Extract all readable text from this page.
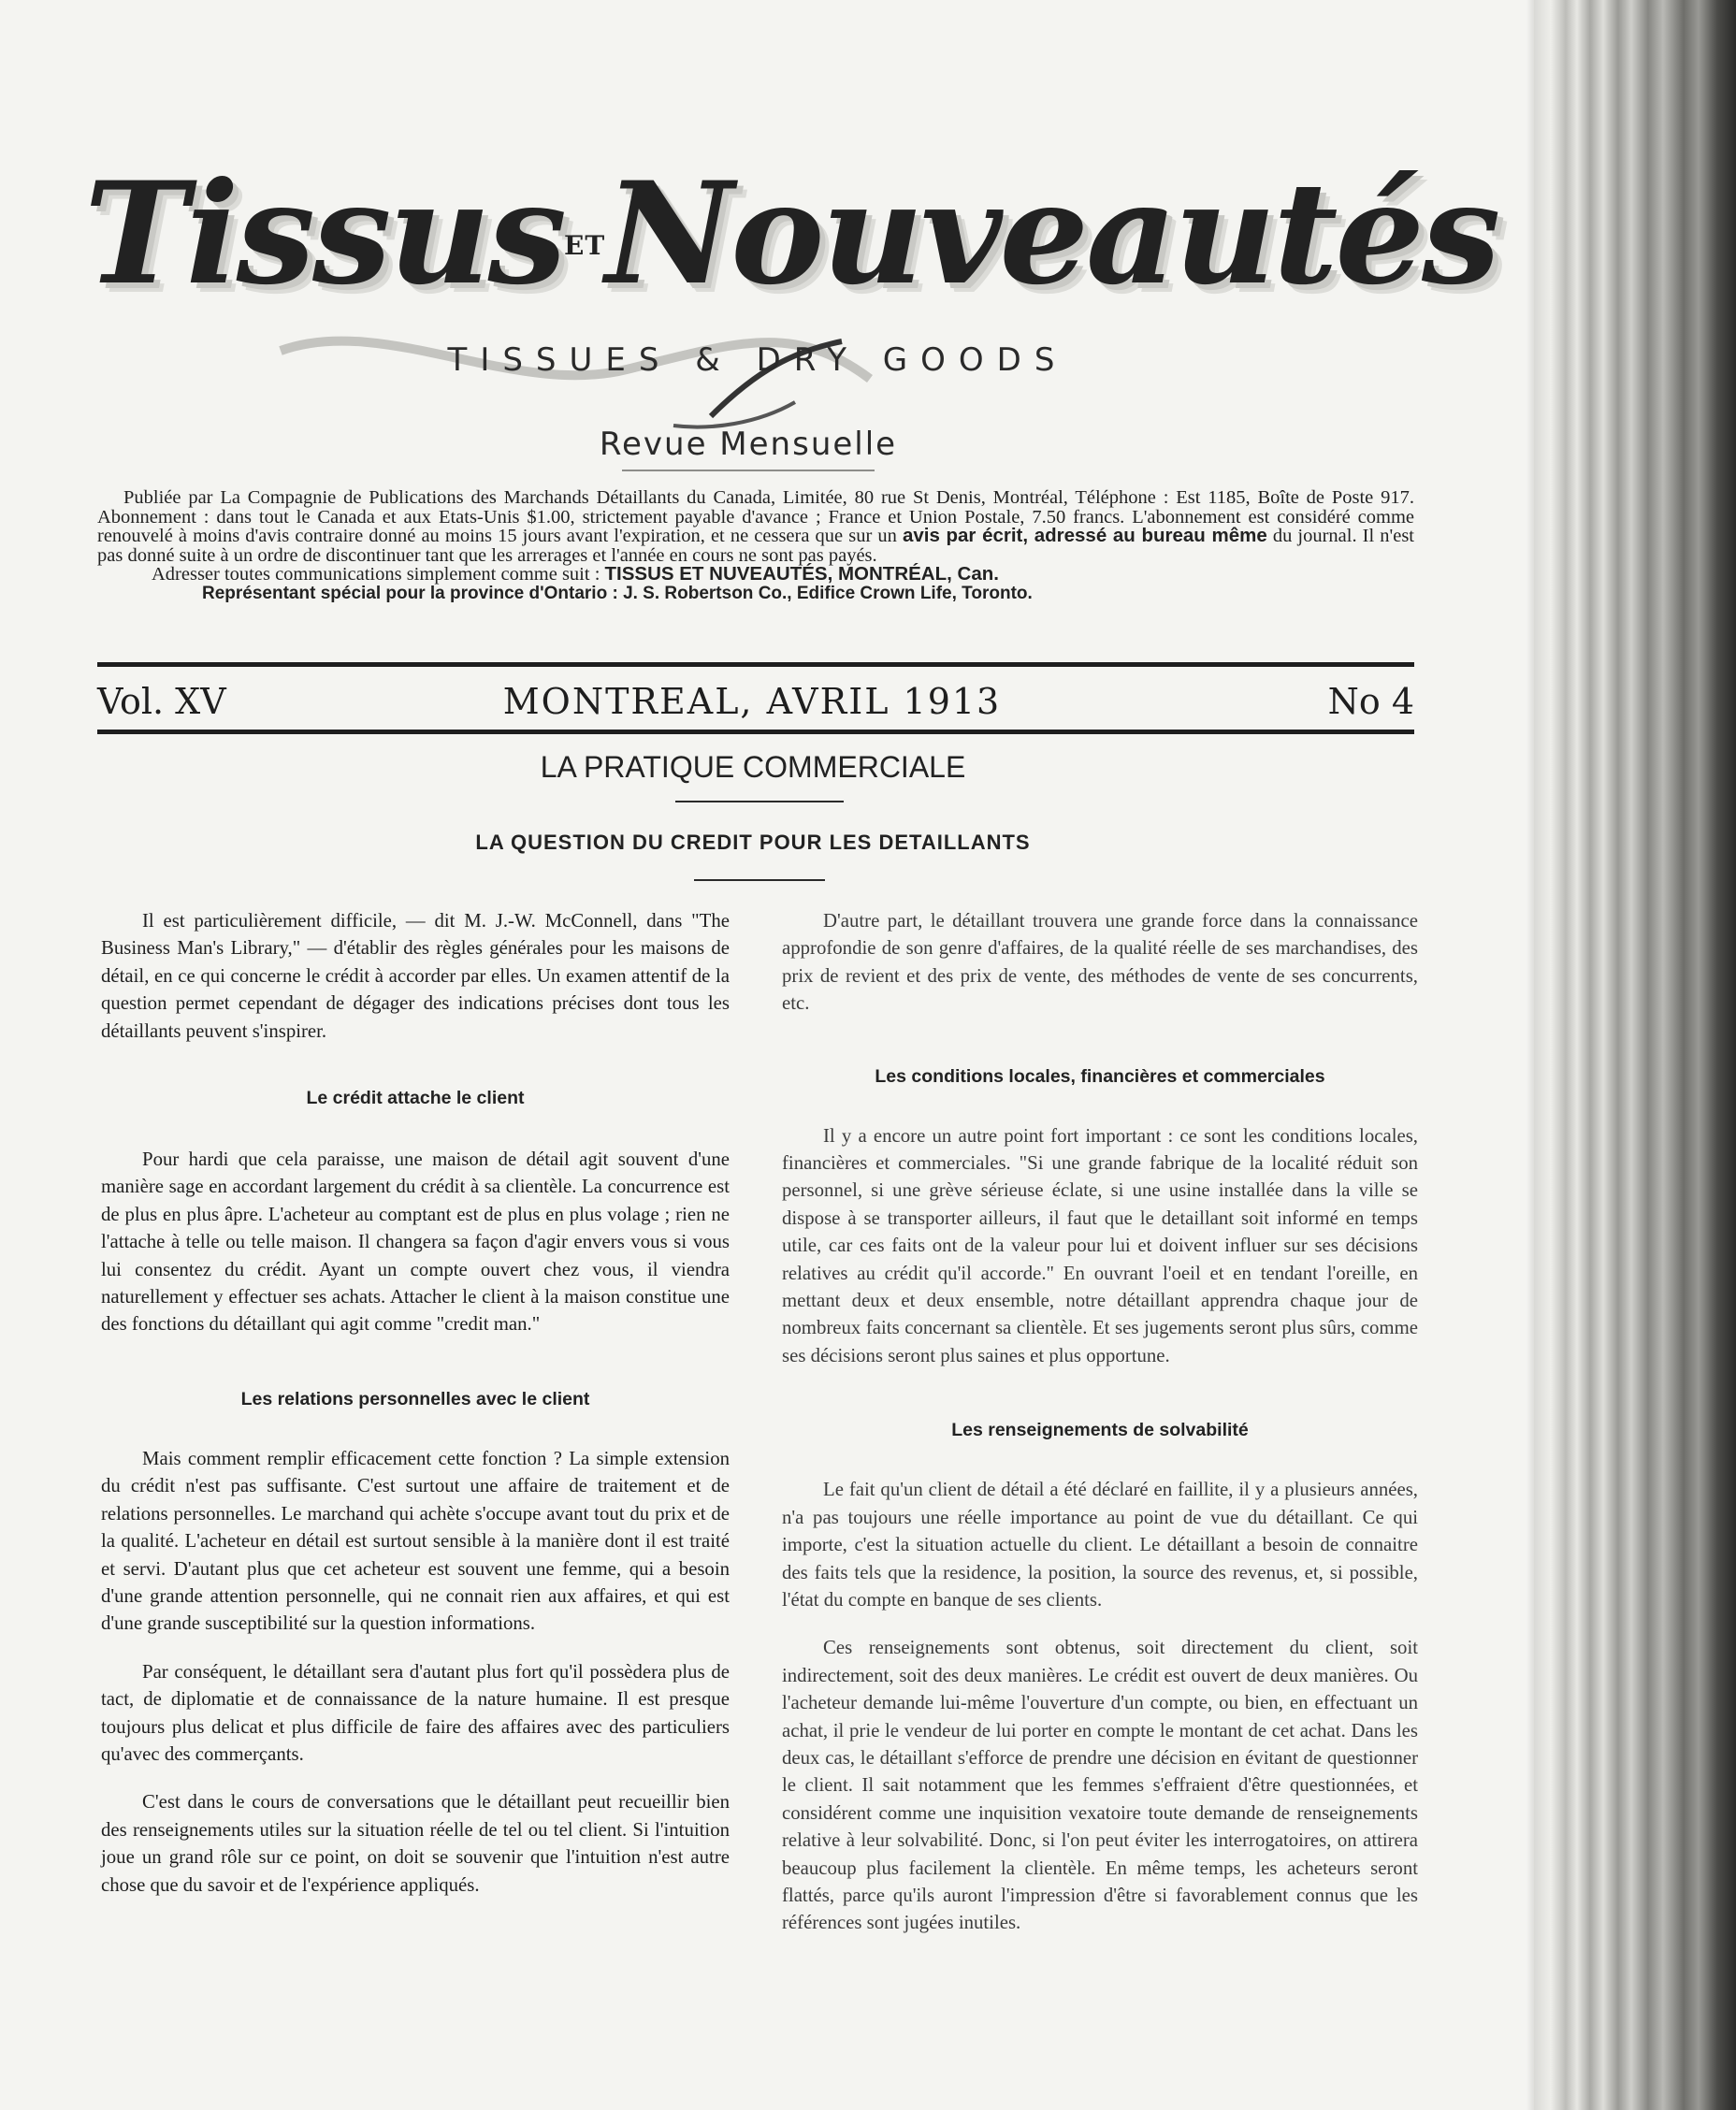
TissusETNouveautés
TISSUES & DRY GOODS
Revue Mensuelle

Publiée par La Compagnie de Publications des Marchands Détaillants du Canada, Limitée, 80 rue St Denis, Montréal, Téléphone : Est 1185, Boîte de Poste 917. Abonnement : dans tout le Canada et aux Etats-Unis $1.00, strictement payable d'avance ; France et Union Postale, 7.50 francs. L'abonnement est considéré comme renouvelé à moins d'avis contraire donné au moins 15 jours avant l'expiration, et ne cessera que sur un avis par écrit, adressé au bureau même du journal. Il n'est pas donné suite à un ordre de discontinuer tant que les arrerages et l'année en cours ne sont pas payés.

Adresser toutes communications simplement comme suit : TISSUS ET NUVEAUTÉS, MONTRÉAL, Can.

Représentant spécial pour la province d'Ontario : J. S. Robertson Co., Edifice Crown Life, Toronto.

Vol. XV	MONTREAL, AVRIL 1913	No 4
LA PRATIQUE COMMERCIALE
LA QUESTION DU CREDIT POUR LES DETAILLANTS

Il est particulièrement difficile, — dit M. J.-W. McConnell, dans "The Business Man's Library," — d'établir des règles générales pour les maisons de détail, en ce qui concerne le crédit à accorder par elles. Un examen attentif de la question permet cependant de dégager des indications précises dont tous les détaillants peuvent s'inspirer.

Le crédit attache le client

Pour hardi que cela paraisse, une maison de détail agit souvent d'une manière sage en accordant largement du crédit à sa clientèle. La concurrence est de plus en plus âpre. L'acheteur au comptant est de plus en plus volage ; rien ne l'attache à telle ou telle maison. Il changera sa façon d'agir envers vous si vous lui consentez du crédit. Ayant un compte ouvert chez vous, il viendra naturellement y effectuer ses achats. Attacher le client à la maison constitue une des fonctions du détaillant qui agit comme "credit man."

Les relations personnelles avec le client

Mais comment remplir efficacement cette fonction ? La simple extension du crédit n'est pas suffisante. C'est surtout une affaire de traitement et de relations personnelles. Le marchand qui achète s'occupe avant tout du prix et de la qualité. L'acheteur en détail est surtout sensible à la manière dont il est traité et servi. D'autant plus que cet acheteur est souvent une femme, qui a besoin d'une grande attention personnelle, qui ne connait rien aux affaires, et qui est d'une grande susceptibilité sur la question informations.

Par conséquent, le détaillant sera d'autant plus fort qu'il possèdera plus de tact, de diplomatie et de connaissance de la nature humaine. Il est presque toujours plus delicat et plus difficile de faire des affaires avec des particuliers qu'avec des commerçants.

C'est dans le cours de conversations que le détaillant peut recueillir bien des renseignements utiles sur la situation réelle de tel ou tel client. Si l'intuition joue un grand rôle sur ce point, on doit se souvenir que l'intuition n'est autre chose que du savoir et de l'expérience appliqués.

D'autre part, le détaillant trouvera une grande force dans la connaissance approfondie de son genre d'affaires, de la qualité réelle de ses marchandises, des prix de revient et des prix de vente, des méthodes de vente de ses concurrents, etc.

Les conditions locales, financières et commerciales

Il y a encore un autre point fort important : ce sont les conditions locales, financières et commerciales. "Si une grande fabrique de la localité réduit son personnel, si une grève sérieuse éclate, si une usine installée dans la ville se dispose à se transporter ailleurs, il faut que le detaillant soit informé en temps utile, car ces faits ont de la valeur pour lui et doivent influer sur ses décisions relatives au crédit qu'il accorde." En ouvrant l'oeil et en tendant l'oreille, en mettant deux et deux ensemble, notre détaillant apprendra chaque jour de nombreux faits concernant sa clientèle. Et ses jugements seront plus sûrs, comme ses décisions seront plus saines et plus opportune.

Les renseignements de solvabilité

Le fait qu'un client de détail a été déclaré en faillite, il y a plusieurs années, n'a pas toujours une réelle importance au point de vue du détaillant. Ce qui importe, c'est la situation actuelle du client. Le détaillant a besoin de connaitre des faits tels que la residence, la position, la source des revenus, et, si possible, l'état du compte en banque de ses clients.

Ces renseignements sont obtenus, soit directement du client, soit indirectement, soit des deux manières. Le crédit est ouvert de deux manières. Ou l'acheteur demande lui-même l'ouverture d'un compte, ou bien, en effectuant un achat, il prie le vendeur de lui porter en compte le montant de cet achat. Dans les deux cas, le détaillant s'efforce de prendre une décision en évitant de questionner le client. Il sait notamment que les femmes s'effraient d'être questionnées, et considérent comme une inquisition vexatoire toute demande de renseignements relative à leur solvabilité. Donc, si l'on peut éviter les interrogatoires, on attirera beaucoup plus facilement la clientèle. En même temps, les acheteurs seront flattés, parce qu'ils auront l'impression d'être si favorablement connus que les références sont jugées inutiles.
